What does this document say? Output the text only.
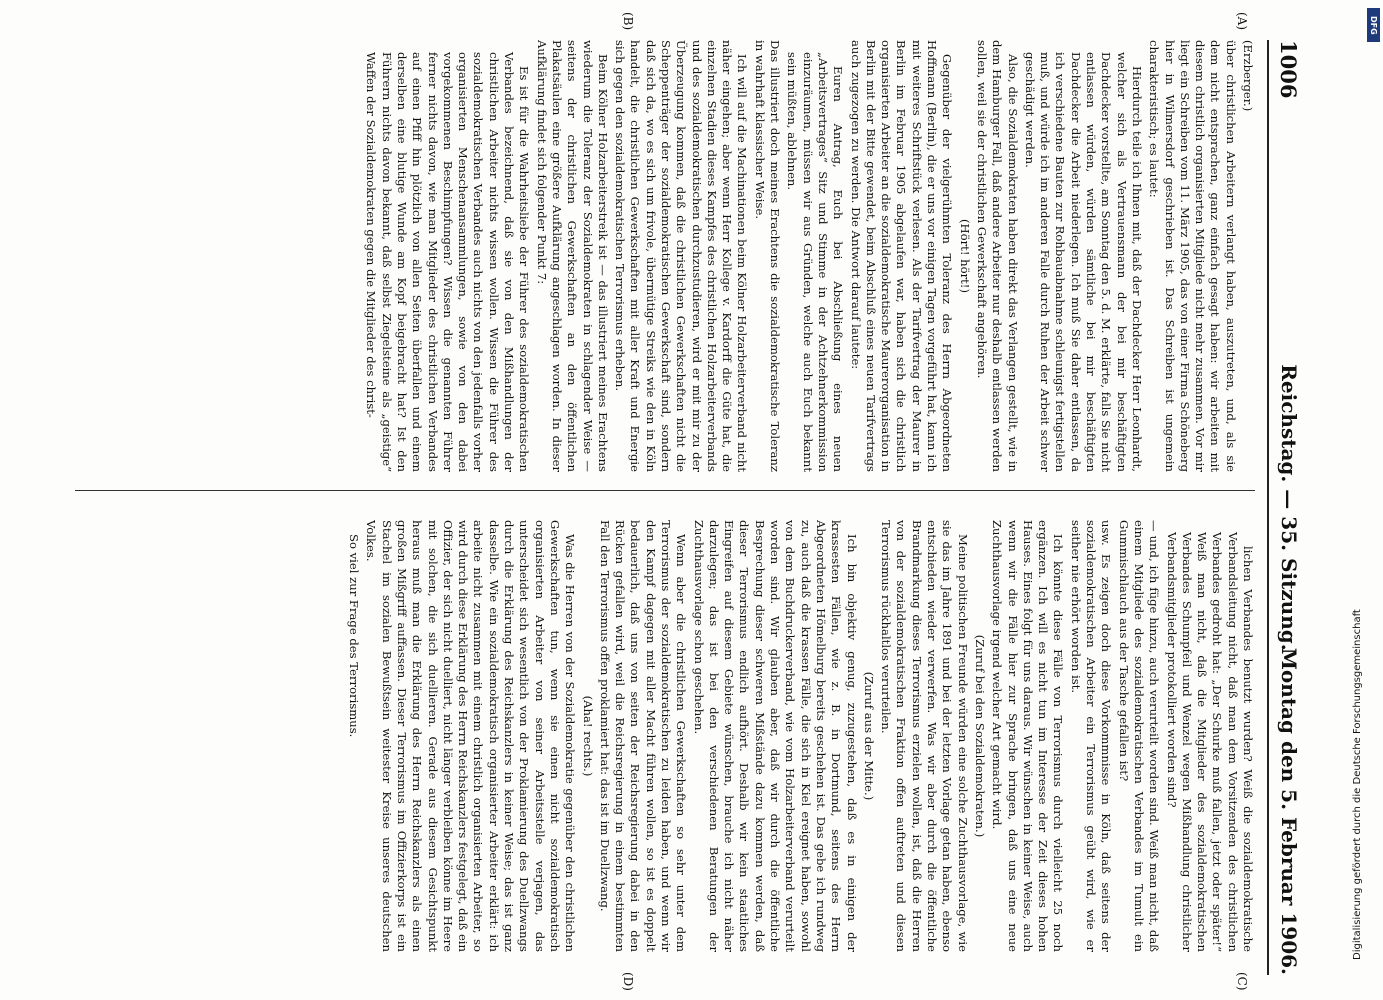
1006
Reichstag. — 35. Sitzung.
Montag den 5. Februar 1906.
(A)
(B)
(C)
(D)

(Erzberger.)

über christlichen Arbeitern verlangt haben, auszutreten, und, als sie dem nicht entsprachen, ganz einfach gesagt haben: wir arbeiten mit diesem christlich organisierten Mitgliede nicht mehr zusammen. Vor mir liegt ein Schreiben vom 11. März 1905, das von einer Firma Schöneberg hier in Wilmersdorf geschrieben ist. Das Schreiben ist ungemein charakteristisch; es lautet:

Hierdurch teile ich Ihnen mit, daß der Dachdecker Herr Leonhardt, welcher sich als Vertrauensmann der bei mir beschäftigten Dachdecker vorstellte, am Sonntag den 5. d. M. erklärte, falls Sie nicht entlassen würden, würden sämtliche bei mir beschäftigten Dachdecker die Arbeit niederlegen. Ich muß Sie daher entlassen, da ich verschiedene Bauten zur Rohbauabnahme schleunigst fertigstellen muß, und würde ich im anderen Falle durch Ruhen der Arbeit schwer geschädigt werden.

Also, die Sozialdemokraten haben direkt das Verlangen gestellt, wie in dem Hamburger Fall, daß andere Arbeiter nur deshalb entlassen werden sollen, weil sie der christlichen Gewerkschaft angehören.

(Hört! hört!)

Gegenüber der vielgerühmten Toleranz des Herrn Abgeordneten Hoffmann (Berlin), die er uns vor einigen Tagen vorgeführt hat, kann ich mit weiteres Schriftstück verlesen. Als der Tarifvertrag der Maurer in Berlin im Februar 1905 abgelaufen war, haben sich die christlich organisierten Arbeiter an die sozialdemokratische Maurerorganisation in Berlin mit der Bitte gewendet, beim Abschluß eines neuen Tarifvertrags auch zugezogen zu werden. Die Antwort darauf lautete:

Euren Antrag, Euch bei Abschließung eines neuen „Arbeitsvertrages“ Sitz und Stimme in der Achtzehnerkommission einzuräumen, müssen wir aus Gründen, welche auch Euch bekannt sein müßten, ablehnen.

Das illustriert doch meines Erachtens die sozialdemokratische Toleranz in wahrhaft klassischer Weise.

Ich will auf die Machinationen beim Kölner Holzarbeiterverband nicht näher eingehen; aber wenn Herr Kollege v. Kardorff die Güte hat, die einzelnen Stadien dieses Kampfes des christlichen Holzarbeiterverbands und des sozialdemokratischen durchzustudieren, wird er mit mir zu der Überzeugung kommen, daß die christlichen Gewerkschaften nicht die Scheppenträger der sozialdemokratischen Gewerkschaft sind, sondern daß sich da, wo es sich um frivole, übermütige Streiks wie den in Köln handelt, die christlichen Gewerkschaften mit aller Kraft und Energie sich gegen den sozialdemokratischen Terrorismus erheben.

Beim Kölner Holzarbeiterstreik ist — das illustriert meines Erachtens wiederum die Toleranz der Sozialdemokraten in schlagender Weise — seitens der christlichen Gewerkschaften an den öffentlichen Plakatsäulen eine größere Aufklärung angeschlagen worden. In dieser Aufklärung findet sich folgender Punkt 7:

Es ist für die Wahrheitsliebe der Führer des sozialdemokratischen Verbandes bezeichnend, daß sie von den Mißhandlungen der christlichen Arbeiter nichts wissen wollen. Wissen die Führer des sozialdemokratischen Verbandes auch nichts von den jedenfalls vorher organisierten Menschenansammlungen, sowie von den dabei vorgekommenen Beschimpfungen? Wissen die genannten Führer ferner nichts davon, wie man Mitglieder des christlichen Verbandes auf einen Pfiff hin plötzlich von allen Seiten überfallen und einem derselben eine blutige Wunde am Kopf beigebracht hat? Ist den Führern nichts davon bekannt, daß selbst Ziegelsteine als „geistige“ Waffen der Sozialdemokraten gegen die Mitglieder des christ-

lichen Verbandes benutzt wurden? Weiß die sozialdemokratische Verbandsleitung nicht, daß man dem Vorsitzenden des christlichen Verbandes gedroht hat: „Der Schurke muß fallen, jetzt oder später!“ Weiß man nicht, daß die Mitglieder des sozialdemokratischen Verbandes Schumpfeil und Wenzel wegen Mißhandlung christlicher Verbandsmitglieder protokolliert worden sind?

— und, ich füge hinzu, auch verurteilt worden sind. Weiß man nicht, daß einem Mitgliede des sozialdemokratischen Verbandes im Tumult ein Gummischlauch aus der Tasche gefallen ist?

usw. Es zeigen doch diese Vorkommnisse in Köln, daß seitens der sozialdemokratischen Arbeiter ein Terrorismus geübt wird, wie er seither nie erhört worden ist.

Ich könnte diese Fälle von Terrorismus durch vielleicht 25 noch ergänzen. Ich will es nicht tun im Interesse der Zeit dieses hohen Hauses. Eines folgt für uns daraus. Wir wünschen in keiner Weise, auch wenn wir die Fälle hier zur Sprache bringen, daß uns eine neue Zuchthausvorlage irgend welcher Art gemacht wird.

(Zuruf bei den Sozialdemokraten.)

Meine politischen Freunde würden eine solche Zuchthausvorlage, wie sie das im Jahre 1891 und bei der letzten Vorlage getan haben, ebenso entschieden wieder verwerfen. Was wir aber durch die öffentliche Brandmarkung dieses Terrorismus erzielen wollen, ist, daß die Herren von der sozialdemokratischen Fraktion offen auftreten und diesen Terrorismus rückhaltlos verurteilen.

(Zuruf aus der Mitte.)

Ich bin objektiv genug, zuzugestehen, daß es in einigen der krassesten Fällen, wie z. B. in Dortmund, seitens des Herrn Abgeordneten Hömelburg bereits geschehen ist. Das gebe ich rundweg zu, auch daß die krassen Fälle, die sich in Kiel ereignet haben, sowohl von dem Buchdruckerverband, wie vom Holzarbeiterverband verurteilt worden sind. Wir glauben aber, daß wir durch die öffentliche Besprechung dieser schweren Mißstände dazu kommen werden, daß dieser Terrorismus endlich aufhört. Deshalb wir kein staatliches Eingreifen auf diesem Gebiete wünschen, brauche ich nicht näher darzulegen; das ist bei den verschiedenen Beratungen der Zuchthausvorlage schon geschehen.

Wenn aber die christlichen Gewerkschaften so sehr unter dem Terrorismus der sozialdemokratischen zu leiden haben, und wenn wir den Kampf dagegen mit aller Macht führen wollen, so ist es doppelt bedauerlich, daß uns von seiten der Reichsregierung dabei in den Rücken gefallen wird, weil die Reichsregierung in einem bestimmten Fall den Terrorismus offen proklamiert hat: das ist im Duellzwang.

(Aha! rechts.)

Was die Herren von der Sozialdemokratie gegenüber den christlichen Gewerkschaften tun, wenn sie einen nicht sozialdemokratisch organisierten Arbeiter von seiner Arbeitsstelle verjagen, das unterscheidet sich wesentlich von der Proklamierung des Duellzwangs durch die Erklärung des Reichskanzlers in keiner Weise; das ist ganz dasselbe. Wie ein sozialdemokratisch organisierter Arbeiter erklärt: ich arbeite nicht zusammen mit einem christlich organisierten Arbeiter, so wird durch diese Erklärung des Herrn Reichskanzlers festgelegt, daß ein Offizier, der sich nicht duelliert, nicht länger verbleiben könne im Heere mit solchen, die sich duellieren. Gerade aus diesem Gesichtspunkt heraus muß man die Erklärung des Herrn Reichskanzlers als einen großen Mißgriff auffassen. Dieser Terrorismus im Offizierkorps ist ein Stachel im sozialen Bewußtsein weitester Kreise unseres deutschen Volkes.

So viel zur Frage des Terrorismus.	Digitalisierung gefördert durch die Deutsche Forschungsgemeinschaft
DFG
